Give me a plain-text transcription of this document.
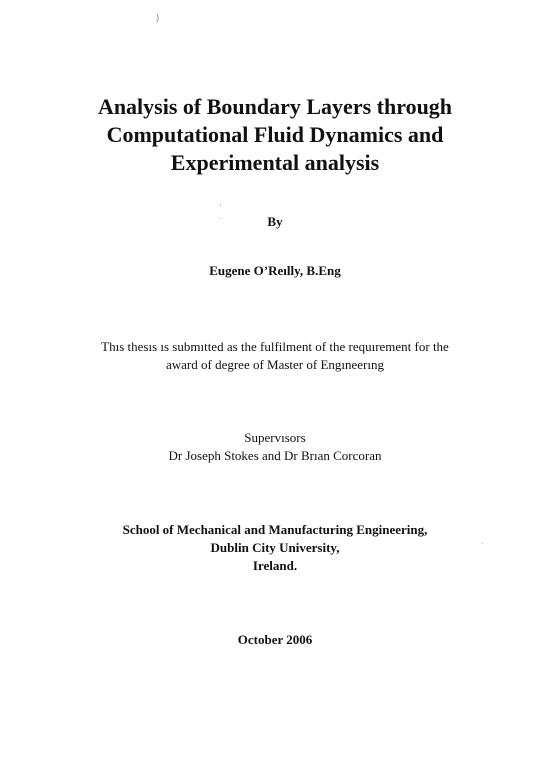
⟩
'
.
·
Analysis of Boundary Layers through
Computational Fluid Dynamics and
Experimental analysis
By
Eugene O’Reılly, B.Eng
Thıs thesıs ıs submıtted as the fulfilment of the requırement for the
award of degree of Master of Engıneerıng
Supervısors
Dr Joseph Stokes and Dr Brıan Corcoran
School of Mechanical and Manufacturing Engineering,
Dublin City University,
Ireland.
October 2006
